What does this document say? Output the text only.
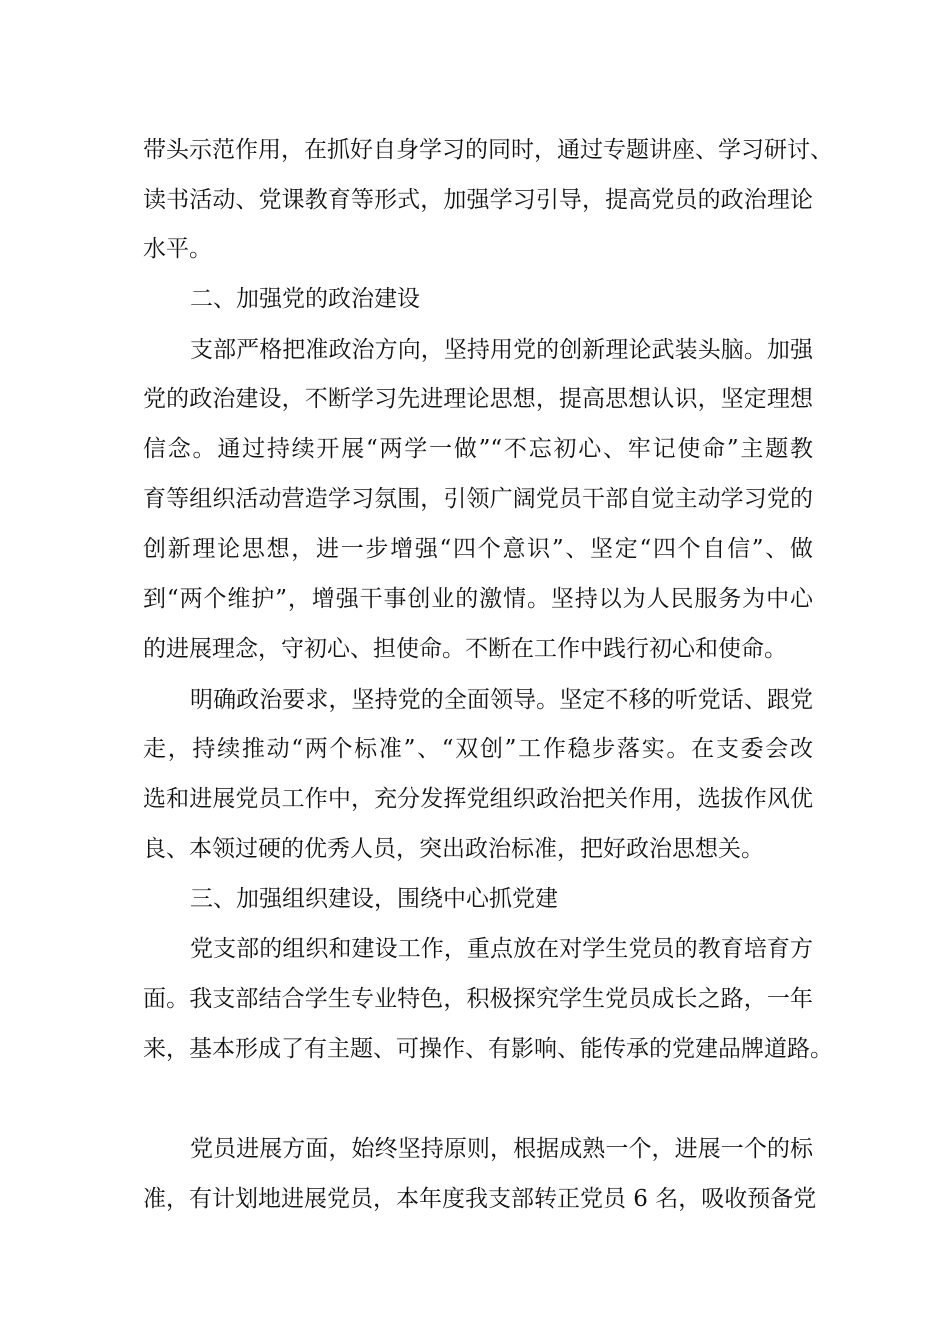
带头示范作用，在抓好自身学习的同时，通过专题讲座、学习研讨、
读书活动、党课教育等形式，加强学习引导，提高党员的政治理论
水平。
二、加强党的政治建设
支部严格把准政治方向，坚持用党的创新理论武装头脑。加强
党的政治建设，不断学习先进理论思想，提高思想认识，坚定理想
信念。通过持续开展“两学一做”“不忘初心、牢记使命”主题教
育等组织活动营造学习氛围，引领广阔党员干部自觉主动学习党的
创新理论思想，进一步增强“四个意识”、坚定“四个自信”、做
到“两个维护”，增强干事创业的激情。坚持以为人民服务为中心
的进展理念，守初心、担使命。不断在工作中践行初心和使命。
明确政治要求，坚持党的全面领导。坚定不移的听党话、跟党
走，持续推动“两个标准”、“双创”工作稳步落实。在支委会改
选和进展党员工作中，充分发挥党组织政治把关作用，选拔作风优
良、本领过硬的优秀人员，突出政治标准，把好政治思想关。
三、加强组织建设，围绕中心抓党建
党支部的组织和建设工作，重点放在对学生党员的教育培育方
面。我支部结合学生专业特色，积极探究学生党员成长之路，一年
来，基本形成了有主题、可操作、有影响、能传承的党建品牌道路。
党员进展方面，始终坚持原则，根据成熟一个，进展一个的标
准，有计划地进展党员，本年度我支部转正党员 6 名，吸收预备党
